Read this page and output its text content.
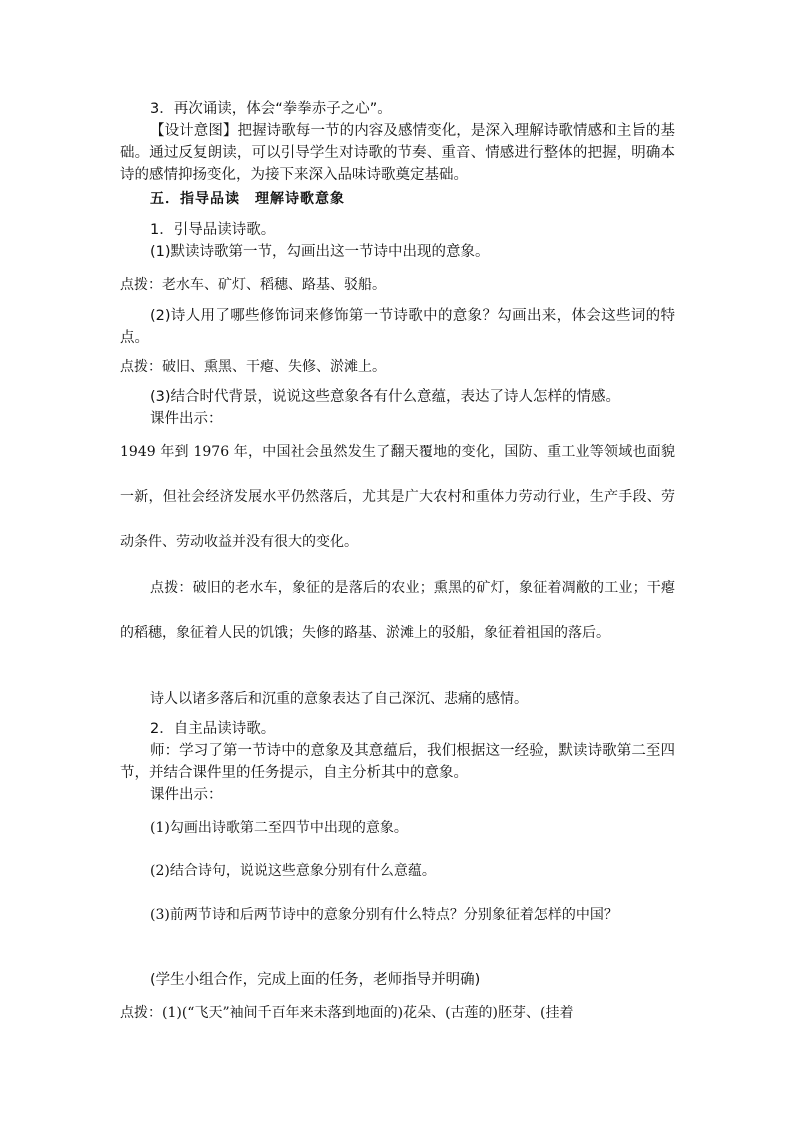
3．再次诵读，体会“拳拳赤子之心”。
【设计意图】把握诗歌每一节的内容及感情变化，是深入理解诗歌情感和主旨的基础。通过反复朗读，可以引导学生对诗歌的节奏、重音、情感进行整体的把握，明确本诗的感情抑扬变化，为接下来深入品味诗歌奠定基础。
五．指导品读　理解诗歌意象
1．引导品读诗歌。
(1)默读诗歌第一节，勾画出这一节诗中出现的意象。
点拨：老水车、矿灯、稻穗、路基、驳船。
(2)诗人用了哪些修饰词来修饰第一节诗歌中的意象？勾画出来，体会这些词的特点。
点拨：破旧、熏黑、干瘪、失修、淤滩上。
(3)结合时代背景，说说这些意象各有什么意蕴，表达了诗人怎样的情感。
课件出示：
1949 年到 1976 年，中国社会虽然发生了翻天覆地的变化，国防、重工业等领域也面貌一新，但社会经济发展水平仍然落后，尤其是广大农村和重体力劳动行业，生产手段、劳动条件、劳动收益并没有很大的变化。
点拨：破旧的老水车，象征的是落后的农业；熏黑的矿灯，象征着凋敝的工业；干瘪的稻穗，象征着人民的饥饿；失修的路基、淤滩上的驳船，象征着祖国的落后。
诗人以诸多落后和沉重的意象表达了自己深沉、悲痛的感情。
2．自主品读诗歌。
师：学习了第一节诗中的意象及其意蕴后，我们根据这一经验，默读诗歌第二至四节，并结合课件里的任务提示，自主分析其中的意象。
课件出示：
(1)勾画出诗歌第二至四节中出现的意象。
(2)结合诗句，说说这些意象分别有什么意蕴。
(3)前两节诗和后两节诗中的意象分别有什么特点？分别象征着怎样的中国？
(学生小组合作，完成上面的任务，老师指导并明确)
点拨：(1)(“飞天”袖间千百年来未落到地面的)花朵、(古莲的)胚芽、(挂着
